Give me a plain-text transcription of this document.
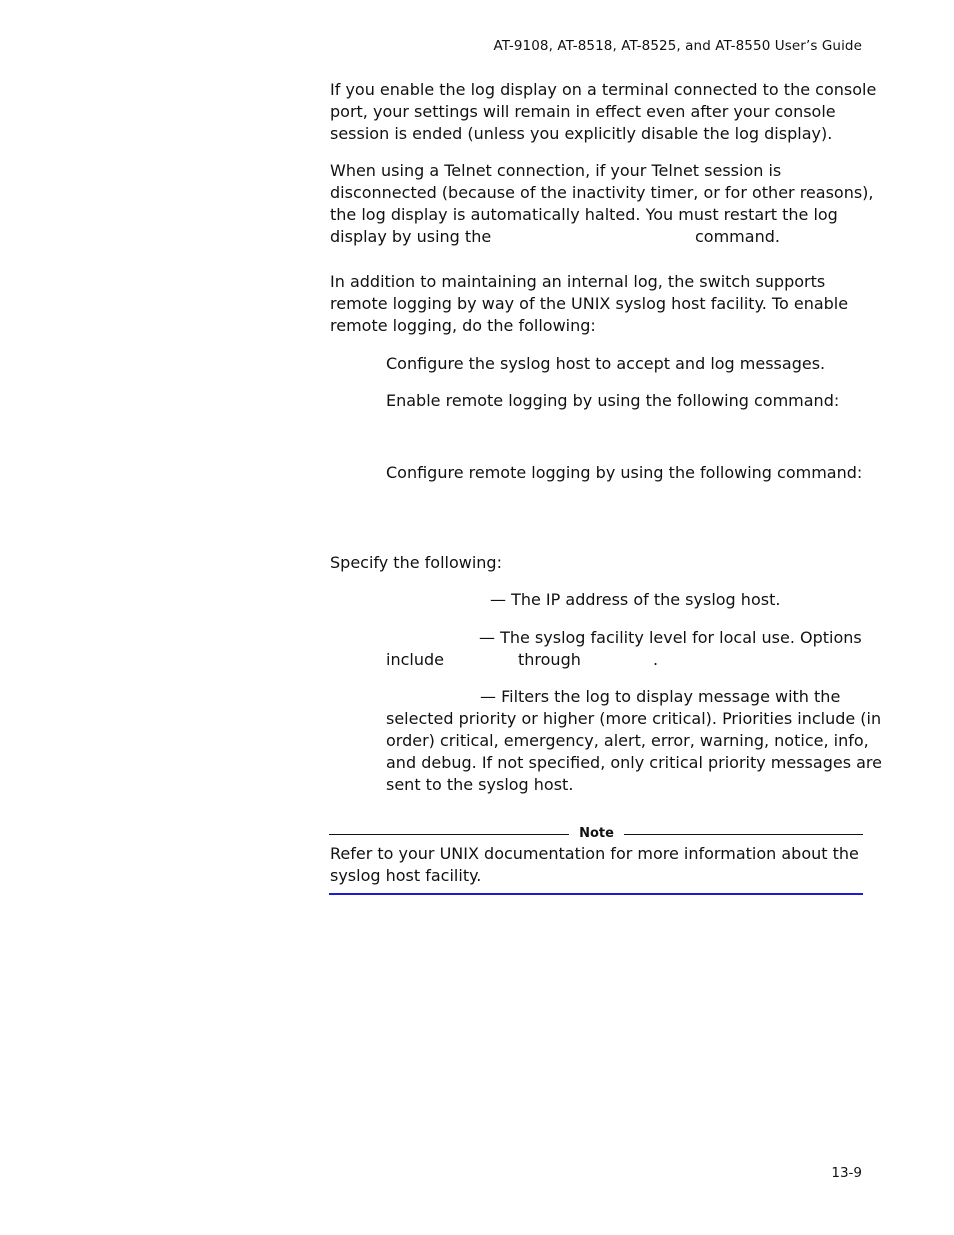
AT-9108, AT-8518, AT-8525, and AT-8550 User’s Guide

If you enable the log display on a terminal connected to the console
port, your settings will remain in effect even after your console
session is ended (unless you explicitly disable the log display).

When using a Telnet connection, if your Telnet session is
disconnected (because of the inactivity timer, or for other reasons),
the log display is automatically halted. You must restart the log
display by using the	command.

In addition to maintaining an internal log, the switch supports
remote logging by way of the UNIX syslog host facility. To enable
remote logging, do the following:

Configure the syslog host to accept and log messages.
Enable remote logging by using the following command:
Configure remote logging by using the following command:
Specify the following:
— The IP address of the syslog host.
— The syslog facility level for local use. Options
include	through	.
— Filters the log to display message with the
selected priority or higher (more critical). Priorities include (in
order) critical, emergency, alert, error, warning, notice, info,
and debug. If not specified, only critical priority messages are
sent to the syslog host.
Note

Refer to your UNIX documentation for more information about the
syslog host facility.

13-9
